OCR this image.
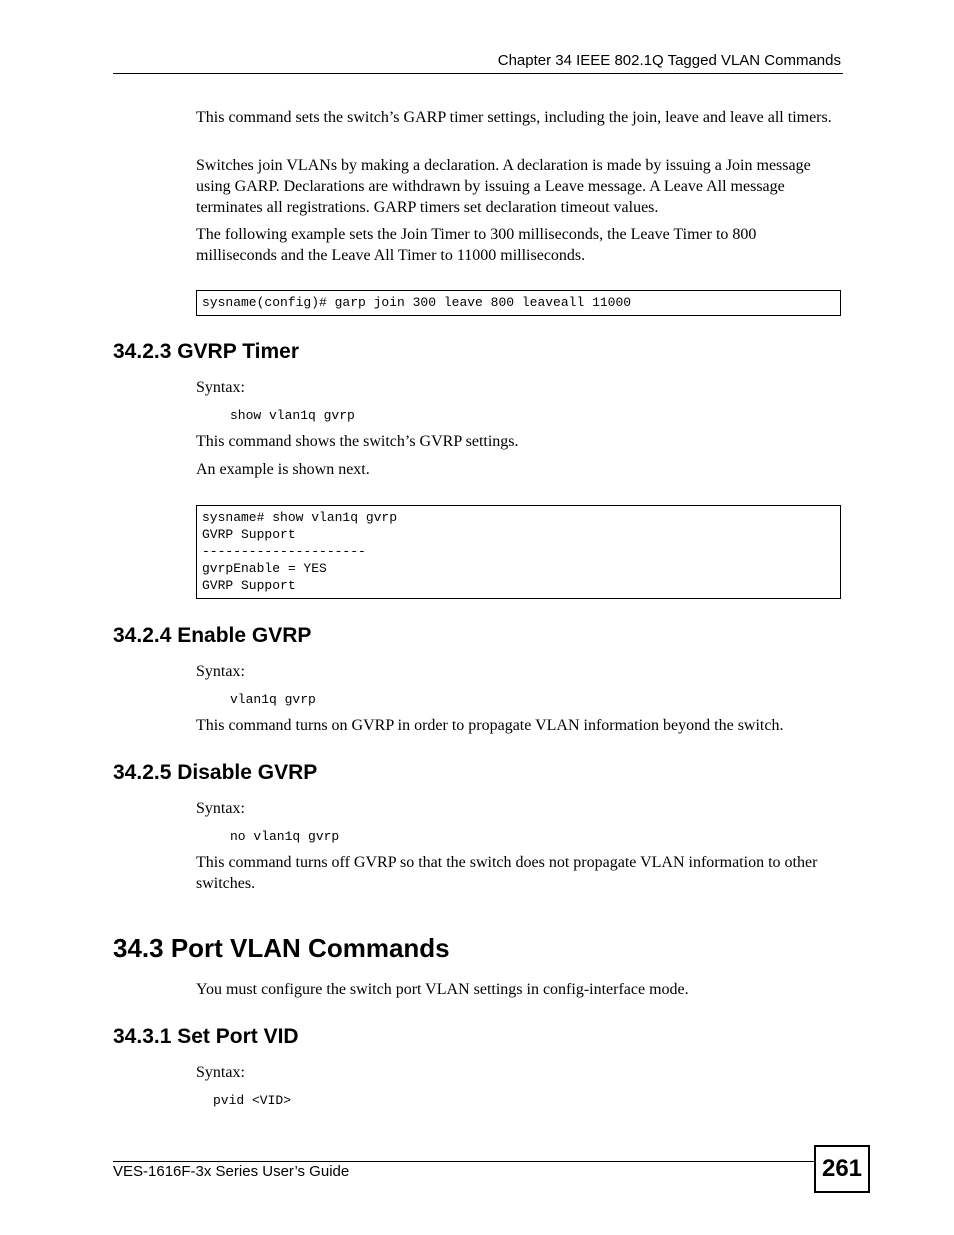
Chapter 34 IEEE 802.1Q Tagged VLAN Commands

This command sets the switch’s GARP timer settings, including the join, leave and leave all timers.

Switches join VLANs by making a declaration. A declaration is made by issuing a Join message using GARP. Declarations are withdrawn by issuing a Leave message. A Leave All message terminates all registrations. GARP timers set declaration timeout values.

The following example sets the Join Timer to 300 milliseconds, the Leave Timer to 800 milliseconds and the Leave All Timer to 11000 milliseconds.

sysname(config)# garp join 300 leave 800 leaveall 11000
34.2.3 GVRP Timer

Syntax:

show vlan1q gvrp

This command shows the switch’s GVRP settings.

An example is shown next.

sysname# show vlan1q gvrp
GVRP Support
---------------------
gvrpEnable = YES
GVRP Support
34.2.4 Enable GVRP

Syntax:

vlan1q gvrp

This command turns on GVRP in order to propagate VLAN information beyond the switch.

34.2.5 Disable GVRP

Syntax:

no vlan1q gvrp

This command turns off GVRP so that the switch does not propagate VLAN information to other switches.

34.3 Port VLAN Commands

You must configure the switch port VLAN settings in config-interface mode.

34.3.1 Set Port VID

Syntax:

pvid <VID>

VES-1616F-3x Series User’s Guide	261
